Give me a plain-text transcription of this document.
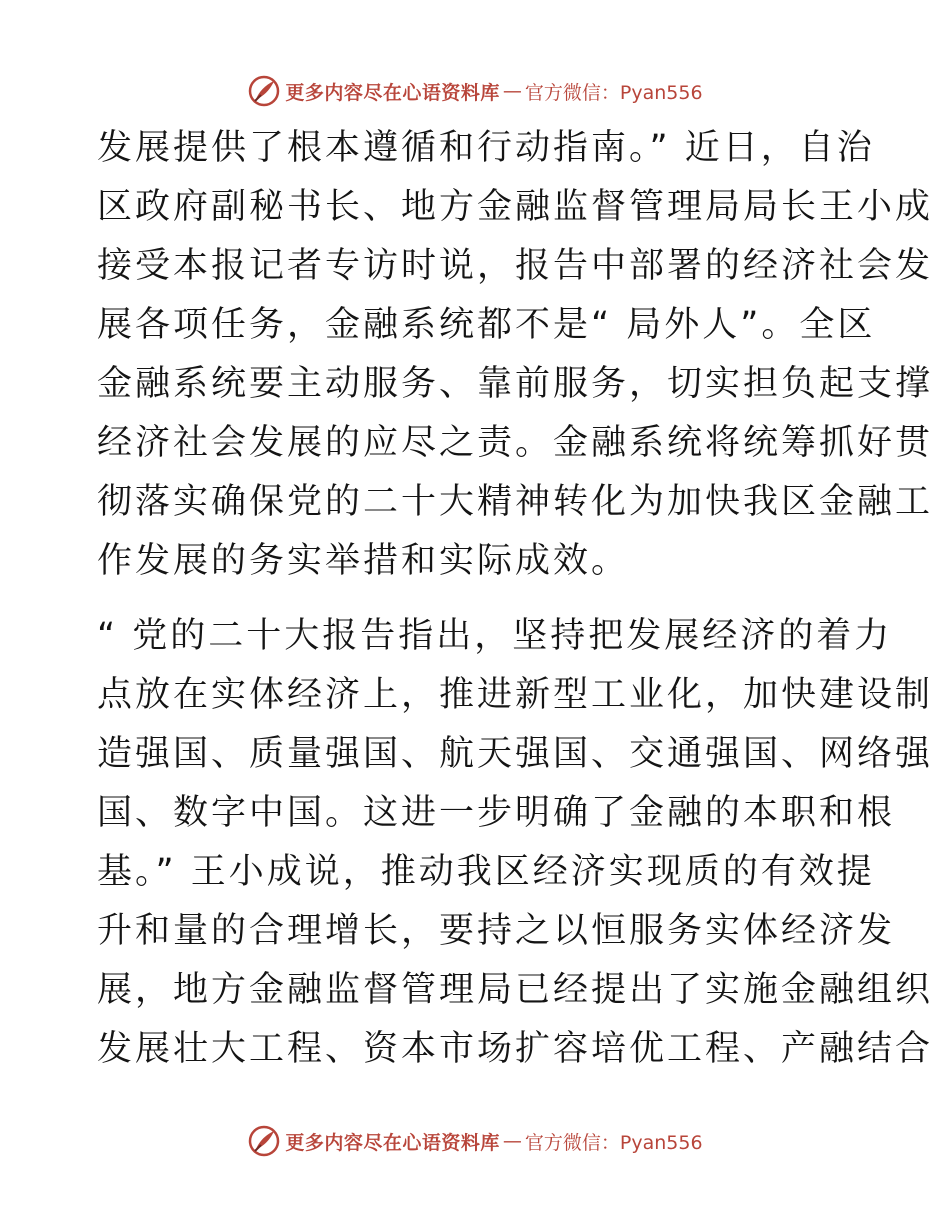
更多内容尽在心语资料库 — 官方微信：Pyan556
发展提供了根本遵循和行动指南。” 近日，自治
区政府副秘书长、地方金融监督管理局局长王小成
接受本报记者专访时说，报告中部署的经济社会发
展各项任务，金融系统都不是“ 局外人”。全区
金融系统要主动服务、靠前服务，切实担负起支撑
经济社会发展的应尽之责。金融系统将统筹抓好贯
彻落实确保党的二十大精神转化为加快我区金融工
作发展的务实举措和实际成效。
“ 党的二十大报告指出，坚持把发展经济的着力
点放在实体经济上，推进新型工业化，加快建设制
造强国、质量强国、航天强国、交通强国、网络强
国、数字中国。这进一步明确了金融的本职和根
基。” 王小成说，推动我区经济实现质的有效提
升和量的合理增长，要持之以恒服务实体经济发
展，地方金融监督管理局已经提出了实施金融组织
发展壮大工程、资本市场扩容培优工程、产融结合
更多内容尽在心语资料库 — 官方微信：Pyan556
